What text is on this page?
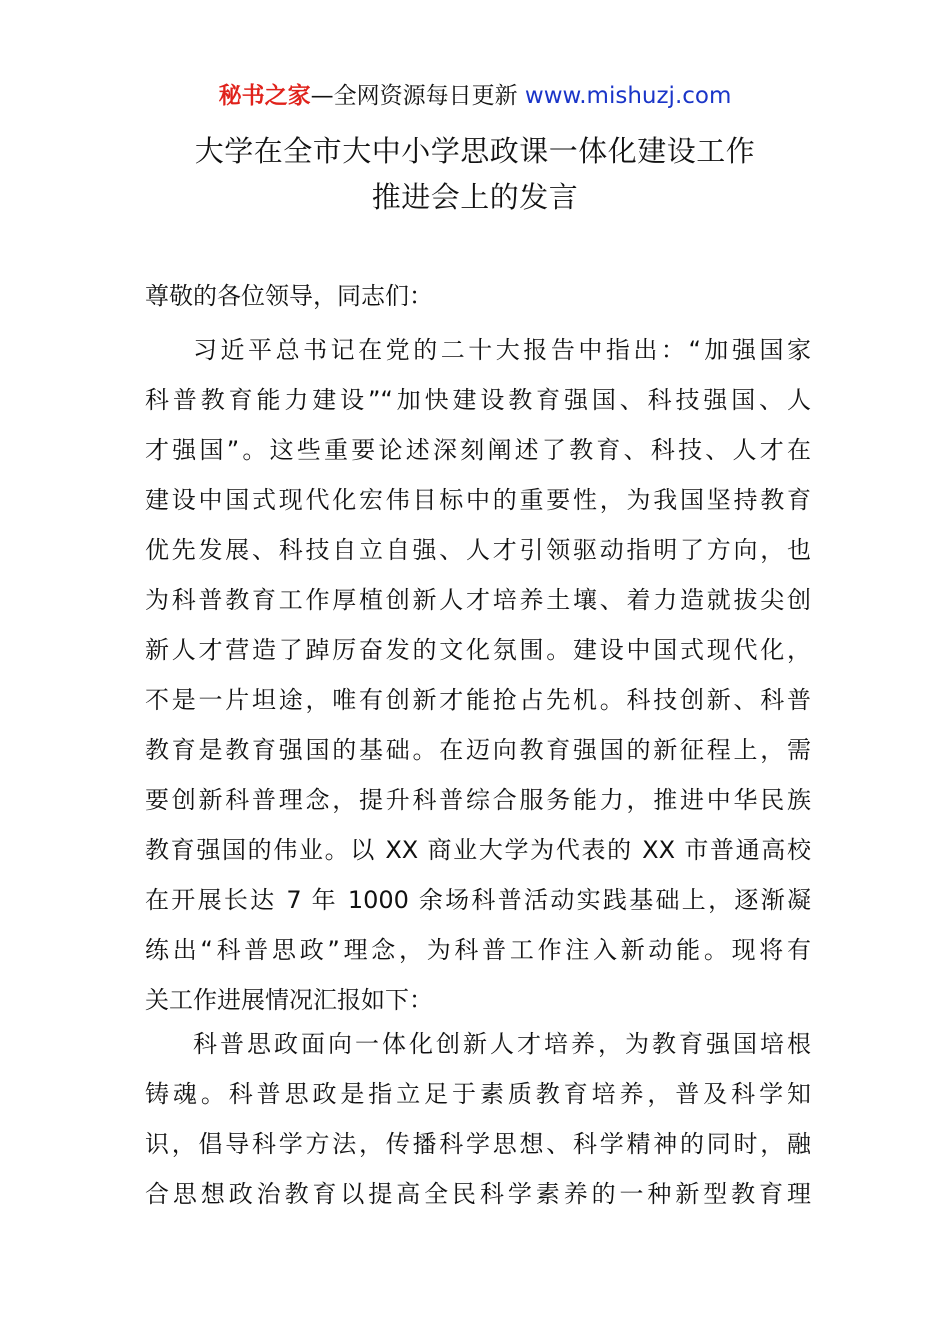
秘书之家—全网资源每日更新 www.mishuzj.com
大学在全市大中小学思政课一体化建设工作
推进会上的发言
尊敬的各位领导，同志们：
习近平总书记在党的二十大报告中指出：“加强国家
科普教育能力建设”“加快建设教育强国、科技强国、人
才强国”。这些重要论述深刻阐述了教育、科技、人才在
建设中国式现代化宏伟目标中的重要性，为我国坚持教育
优先发展、科技自立自强、人才引领驱动指明了方向，也
为科普教育工作厚植创新人才培养土壤、着力造就拔尖创
新人才营造了踔厉奋发的文化氛围。建设中国式现代化，
不是一片坦途，唯有创新才能抢占先机。科技创新、科普
教育是教育强国的基础。在迈向教育强国的新征程上，需
要创新科普理念，提升科普综合服务能力，推进中华民族
教育强国的伟业。以 XX 商业大学为代表的 XX 市普通高校
在开展长达 7 年 1000 余场科普活动实践基础上，逐渐凝
练出“科普思政”理念，为科普工作注入新动能。现将有
关工作进展情况汇报如下：
科普思政面向一体化创新人才培养，为教育强国培根
铸魂。科普思政是指立足于素质教育培养，普及科学知
识，倡导科学方法，传播科学思想、科学精神的同时，融
合思想政治教育以提高全民科学素养的一种新型教育理
